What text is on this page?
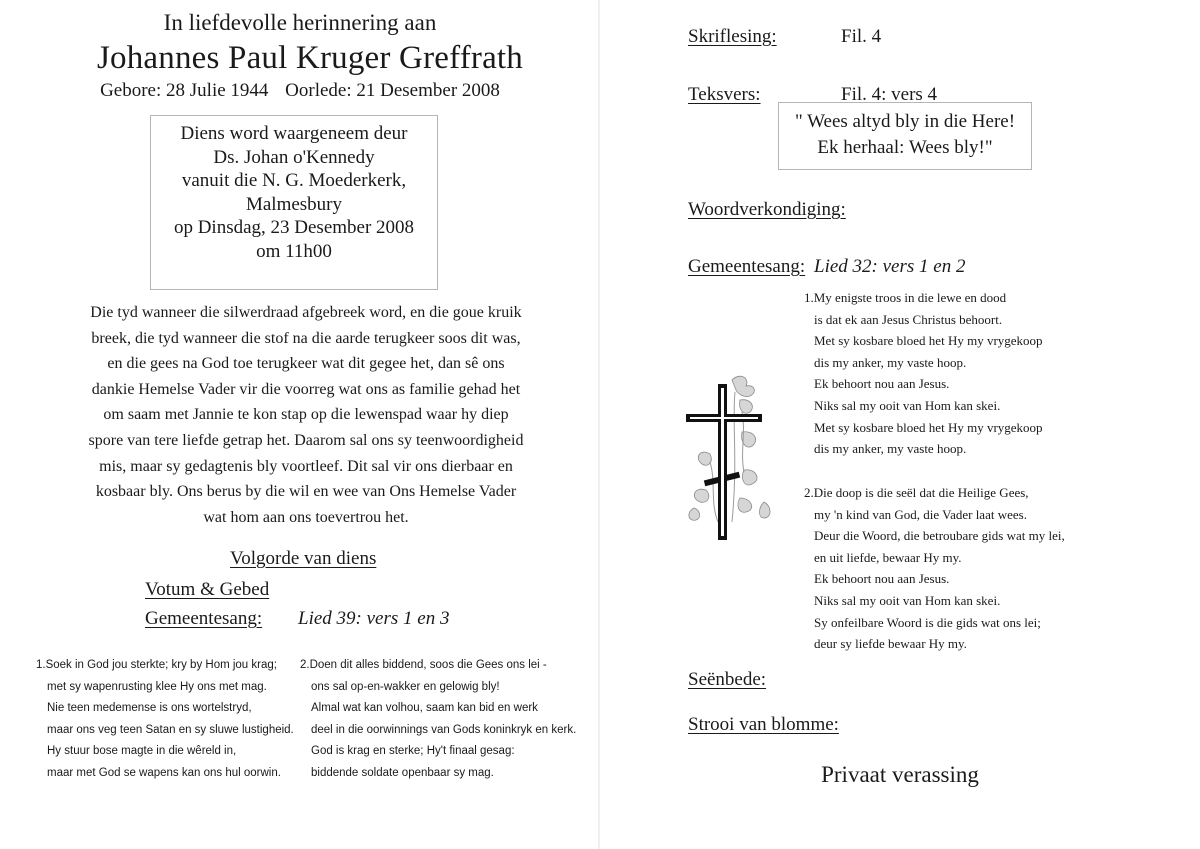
In liefdevolle herinnering aan
Johannes Paul Kruger Greffrath
Gebore: 28 Julie 1944 Oorlede: 21 Desember 2008
Diens word waargeneem deur
Ds. Johan o'Kennedy
vanuit die N. G. Moederkerk,
Malmesbury
op Dinsdag, 23 Desember 2008
om 11h00
Die tyd wanneer die silwerdraad afgebreek word, en die goue kruik
breek, die tyd wanneer die stof na die aarde terugkeer soos dit was,
en die gees na God toe terugkeer wat dit gegee het, dan sê ons
dankie Hemelse Vader vir die voorreg wat ons as familie gehad het
om saam met Jannie te kon stap op die lewenspad waar hy diep
spore van tere liefde getrap het. Daarom sal ons sy teenwoordigheid
mis, maar sy gedagtenis bly voortleef. Dit sal vir ons dierbaar en
kosbaar bly. Ons berus by die wil en wee van Ons Hemelse Vader
wat hom aan ons toevertrou het.
Volgorde van diens
Votum & Gebed
Gemeentesang: Lied 39: vers 1 en 3
1.Soek in God jou sterkte; kry by Hom jou krag;
met sy wapenrusting klee Hy ons met mag.
Nie teen medemense is ons wortelstryd,
maar ons veg teen Satan en sy sluwe lustigheid.
Hy stuur bose magte in die wêreld in,
maar met God se wapens kan ons hul oorwin.
2.Doen dit alles biddend, soos die Gees ons lei -
ons sal op-en-wakker en gelowig bly!
Almal wat kan volhou, saam kan bid en werk
deel in die oorwinnings van Gods koninkryk en kerk.
God is krag en sterke; Hy't finaal gesag:
biddende soldate openbaar sy mag.
Skriflesing:	Fil. 4
Teksvers:	Fil. 4: vers 4
" Wees altyd bly in die Here!
Ek herhaal: Wees bly!"
Woordverkondiging:
Gemeentesang: Lied 32: vers 1 en 2
1.My enigste troos in die lewe en dood
is dat ek aan Jesus Christus behoort.
Met sy kosbare bloed het Hy my vrygekoop
dis my anker, my vaste hoop.
Ek behoort nou aan Jesus.
Niks sal my ooit van Hom kan skei.
Met sy kosbare bloed het Hy my vrygekoop
dis my anker, my vaste hoop.
2.Die doop is die seël dat die Heilige Gees,
my 'n kind van God, die Vader laat wees.
Deur die Woord, die betroubare gids wat my lei,
en uit liefde, bewaar Hy my.
Ek behoort nou aan Jesus.
Niks sal my ooit van Hom kan skei.
Sy onfeilbare Woord is die gids wat ons lei;
deur sy liefde bewaar Hy my.
Seënbede:
Strooi van blomme:
Privaat verassing
